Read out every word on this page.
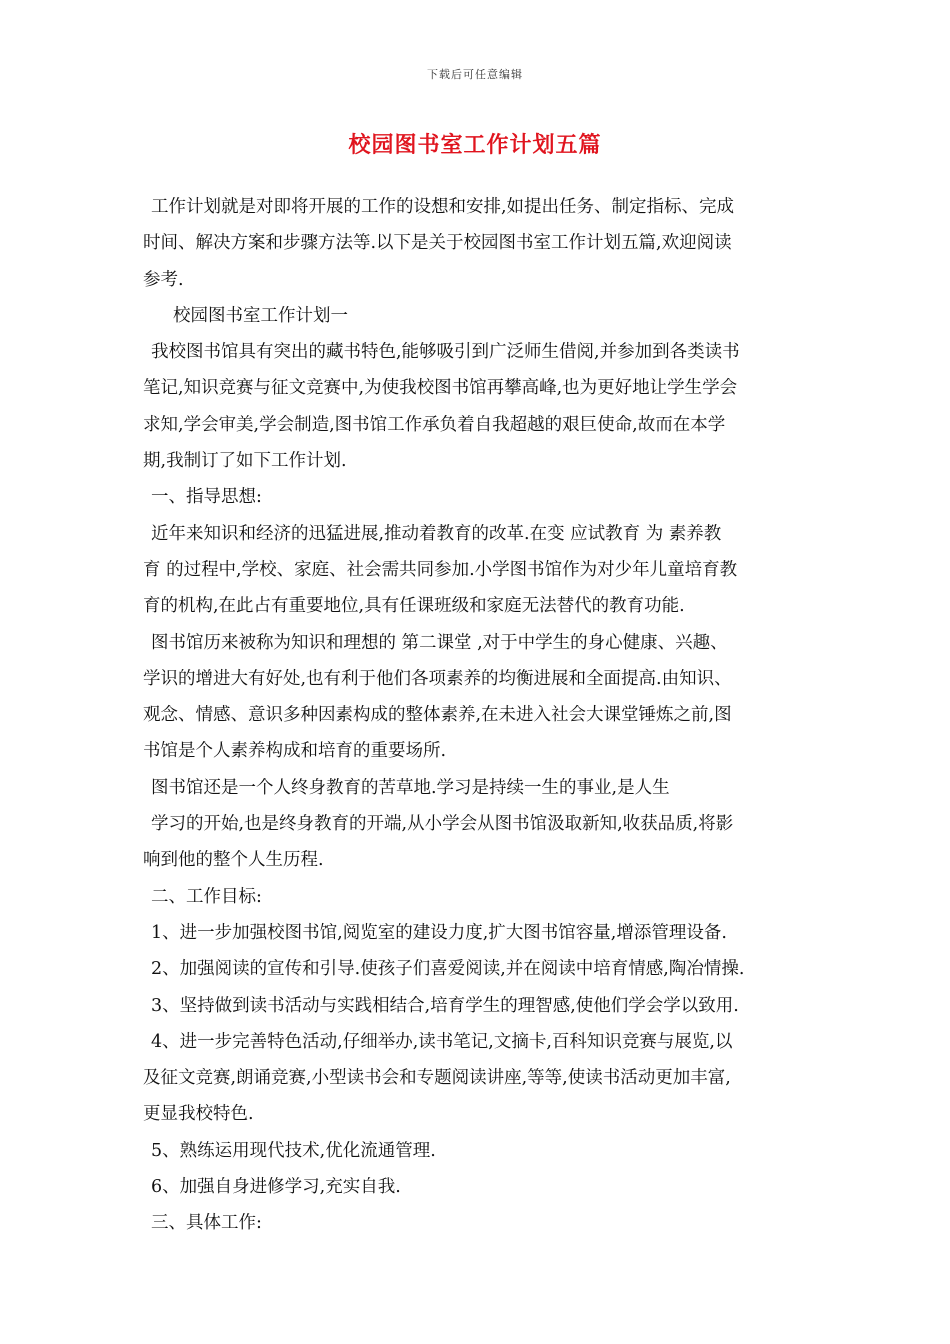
下载后可任意编辑
校园图书室工作计划五篇
工作计划就是对即将开展的工作的设想和安排,如提出任务、制定指标、完成
时间、解决方案和步骤方法等.以下是关于校园图书室工作计划五篇,欢迎阅读
参考.
校园图书室工作计划一
我校图书馆具有突出的藏书特色,能够吸引到广泛师生借阅,并参加到各类读书
笔记,知识竞赛与征文竞赛中,为使我校图书馆再攀高峰,也为更好地让学生学会
求知,学会审美,学会制造,图书馆工作承负着自我超越的艰巨使命,故而在本学
期,我制订了如下工作计划.
一、指导思想:
近年来知识和经济的迅猛进展,推动着教育的改革.在变 应试教育 为 素养教
育 的过程中,学校、家庭、社会需共同参加.小学图书馆作为对少年儿童培育教
育的机构,在此占有重要地位,具有任课班级和家庭无法替代的教育功能.
图书馆历来被称为知识和理想的 第二课堂 ,对于中学生的身心健康、兴趣、
学识的增进大有好处,也有利于他们各项素养的均衡进展和全面提高.由知识、
观念、情感、意识多种因素构成的整体素养,在未进入社会大课堂锤炼之前,图
书馆是个人素养构成和培育的重要场所.
图书馆还是一个人终身教育的苦草地.学习是持续一生的事业,是人生
学习的开始,也是终身教育的开端,从小学会从图书馆汲取新知,收获品质,将影
响到他的整个人生历程.
二、工作目标:
1、进一步加强校图书馆,阅览室的建设力度,扩大图书馆容量,增添管理设备.
2、加强阅读的宣传和引导.使孩子们喜爱阅读,并在阅读中培育情感,陶冶情操.
3、坚持做到读书活动与实践相结合,培育学生的理智感,使他们学会学以致用.
4、进一步完善特色活动,仔细举办,读书笔记,文摘卡,百科知识竞赛与展览,以
及征文竞赛,朗诵竞赛,小型读书会和专题阅读讲座,等等,使读书活动更加丰富,
更显我校特色.
5、熟练运用现代技术,优化流通管理.
6、加强自身进修学习,充实自我.
三、具体工作:
